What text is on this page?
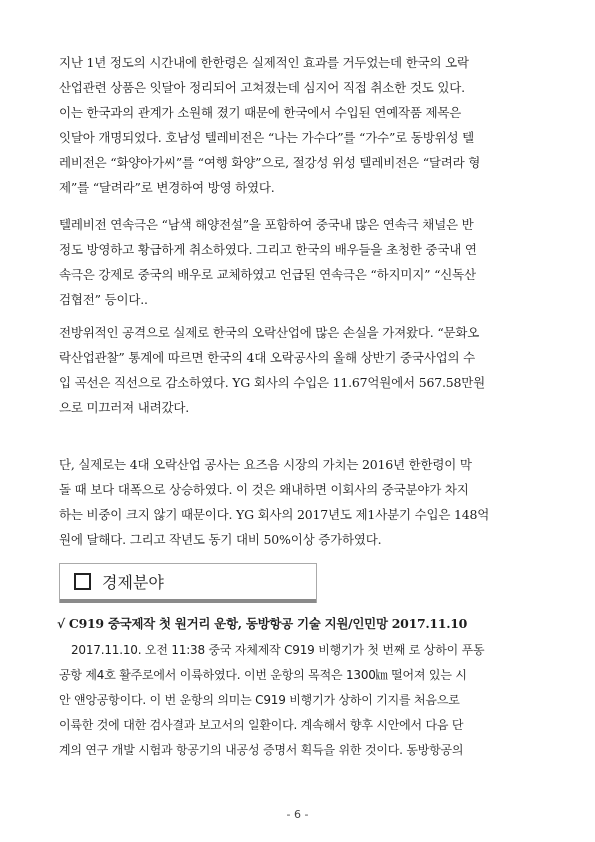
지난 1년 정도의 시간내에 한한령은 실제적인 효과를 거두었는데 한국의 오락
산업관련 상품은 잇달아 정리되어 고쳐졌는데 심지어 직접 취소한 것도 있다.
이는 한국과의 관계가 소원해 졌기 때문에 한국에서 수입된 연예작품 제목은
잇달아 개명되었다. 호남성 텔레비전은 “나는 가수다”를 “가수”로 동방위성 텔
레비전은 “화양아가씨”를 “여행 화양”으로, 절강성 위성 텔레비전은 “달려라 형
제”를 “달려라”로 변경하여 방영 하였다.
텔레비전 연속극은 “남색 해양전설”을 포함하여 중국내 많은 연속극 채널은 반
정도 방영하고 황급하게 취소하였다. 그리고 한국의 배우들을 초청한 중국내 연
속극은 강제로 중국의 배우로 교체하였고 언급된 연속극은 “하지미지” “신독산
검협전” 등이다..
전방위적인 공격으로 실제로 한국의 오락산업에 많은 손실을 가져왔다. “문화오
락산업관찰” 통계에 따르면 한국의 4대 오락공사의 올해 상반기 중국사업의 수
입 곡선은 직선으로 감소하였다. YG 회사의 수입은 11.67억원에서 567.58만원
으로 미끄러져 내려갔다.
단, 실제로는 4대 오락산업 공사는 요즈음 시장의 가치는 2016년 한한령이 막
돌 때 보다 대폭으로 상승하였다. 이 것은 왜내하면 이회사의 중국분야가 차지
하는 비중이 크지 않기 때문이다. YG 회사의 2017년도 제1사분기 수입은 148억
원에 달해다. 그리고 작년도 동기 대비 50%이상 증가하였다.
경제분야
√ C919 중국제작 첫 원거리 운항, 동방항공 기술 지원/인민망 2017.11.10
2017.11.10. 오전 11:38 중국 자체제작 C919 비행기가 첫 번째 로 상하이 푸동
공항 제4호 활주로에서 이륙하였다. 이번 운항의 목적은 1300㎞ 떨어져 있는 시
안 얜앙공항이다. 이 번 운항의 의미는 C919 비행기가 상하이 기지를 처음으로
이륙한 것에 대한 검사결과 보고서의 일환이다. 계속해서 향후 시안에서 다음 단
계의 연구 개발 시험과 항공기의 내공성 증명서 획득을 위한 것이다. 동방항공의
- 6 -
